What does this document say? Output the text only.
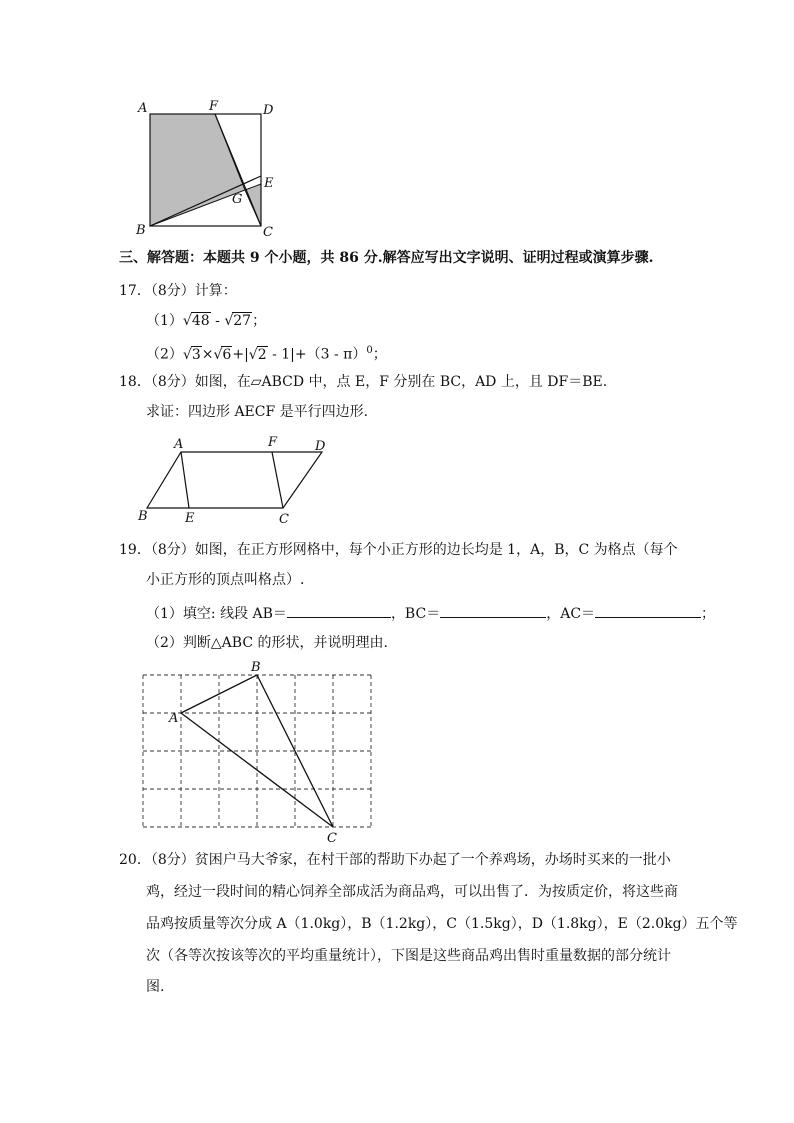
A	F	D
E
G
B	C
三、解答题：本题共 9 个小题，共 86 分.解答应写出文字说明、证明过程或演算步骤.
17．（8分）计算：
（1）√48 - √27；
（2）√3×√6+|√2 - 1|+（3 - π）$^0$；
18．（8分）如图，在▱ABCD 中，点 E，F 分别在 BC，AD 上，且 DF＝BE.
求证：四边形 AECF 是平行四边形.
A	F	D
B	E	C
19．（8分）如图，在正方形网格中，每个小正方形的边长均是 1，A，B，C 为格点（每个
小正方形的顶点叫格点）.
（1）填空: 线段 AB＝	，BC＝	，AC＝	；
（2）判断△ABC 的形状，并说明理由.
B
A
C
20．（8分）贫困户马大爷家，在村干部的帮助下办起了一个养鸡场，办场时买来的一批小
鸡，经过一段时间的精心饲养全部成活为商品鸡，可以出售了．为按质定价，将这些商
品鸡按质量等次分成 A（1.0kg），B（1.2kg），C（1.5kg），D（1.8kg），E（2.0kg）五个等
次（各等次按该等次的平均重量统计），下图是这些商品鸡出售时重量数据的部分统计
图.
